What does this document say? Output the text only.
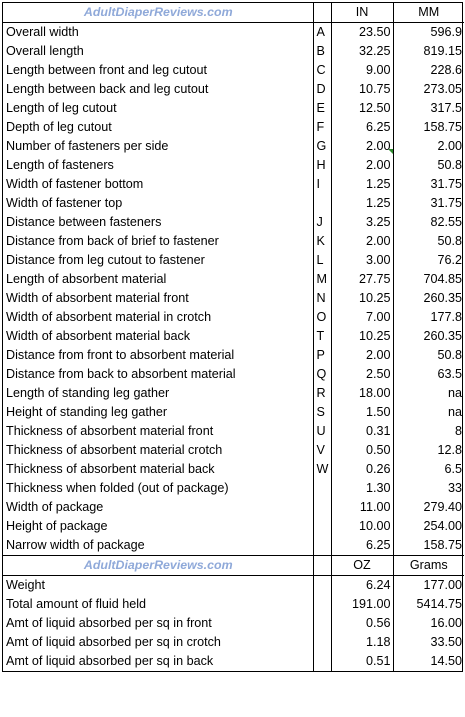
AdultDiaperReviews.com		IN	MM
Overall width	A	23.50	596.9
Overall length	B	32.25	819.15
Length between front and leg cutout	C	9.00	228.6
Length between back and leg cutout	D	10.75	273.05
Length of leg cutout	E	12.50	317.5
Depth of leg cutout	F	6.25	158.75
Number of fasteners per side	G	2.00	2.00
Length of fasteners	H	2.00	50.8
Width of fastener bottom	I	1.25	31.75
Width of fastener top		1.25	31.75
Distance between fasteners	J	3.25	82.55
Distance from back of brief to fastener	K	2.00	50.8
Distance from leg cutout to fastener	L	3.00	76.2
Length of absorbent material	M	27.75	704.85
Width of absorbent material front	N	10.25	260.35
Width of absorbent material in crotch	O	7.00	177.8
Width of absorbent material back	T	10.25	260.35
Distance from front to absorbent material	P	2.00	50.8
Distance from back to absorbent material	Q	2.50	63.5
Length of standing leg gather	R	18.00	na
Height of standing leg gather	S	1.50	na
Thickness of absorbent material front	U	0.31	8
Thickness of absorbent material crotch	V	0.50	12.8
Thickness of absorbent material back	W	0.26	6.5
Thickness when folded (out of package)		1.30	33
Width of package		11.00	279.40
Height of package		10.00	254.00
Narrow width of package		6.25	158.75
AdultDiaperReviews.com		OZ	Grams
Weight		6.24	177.00
Total amount of fluid held		191.00	5414.75
Amt of liquid absorbed per sq in front		0.56	16.00
Amt of liquid absorbed per sq in crotch		1.18	33.50
Amt of liquid absorbed per sq in back		0.51	14.50
